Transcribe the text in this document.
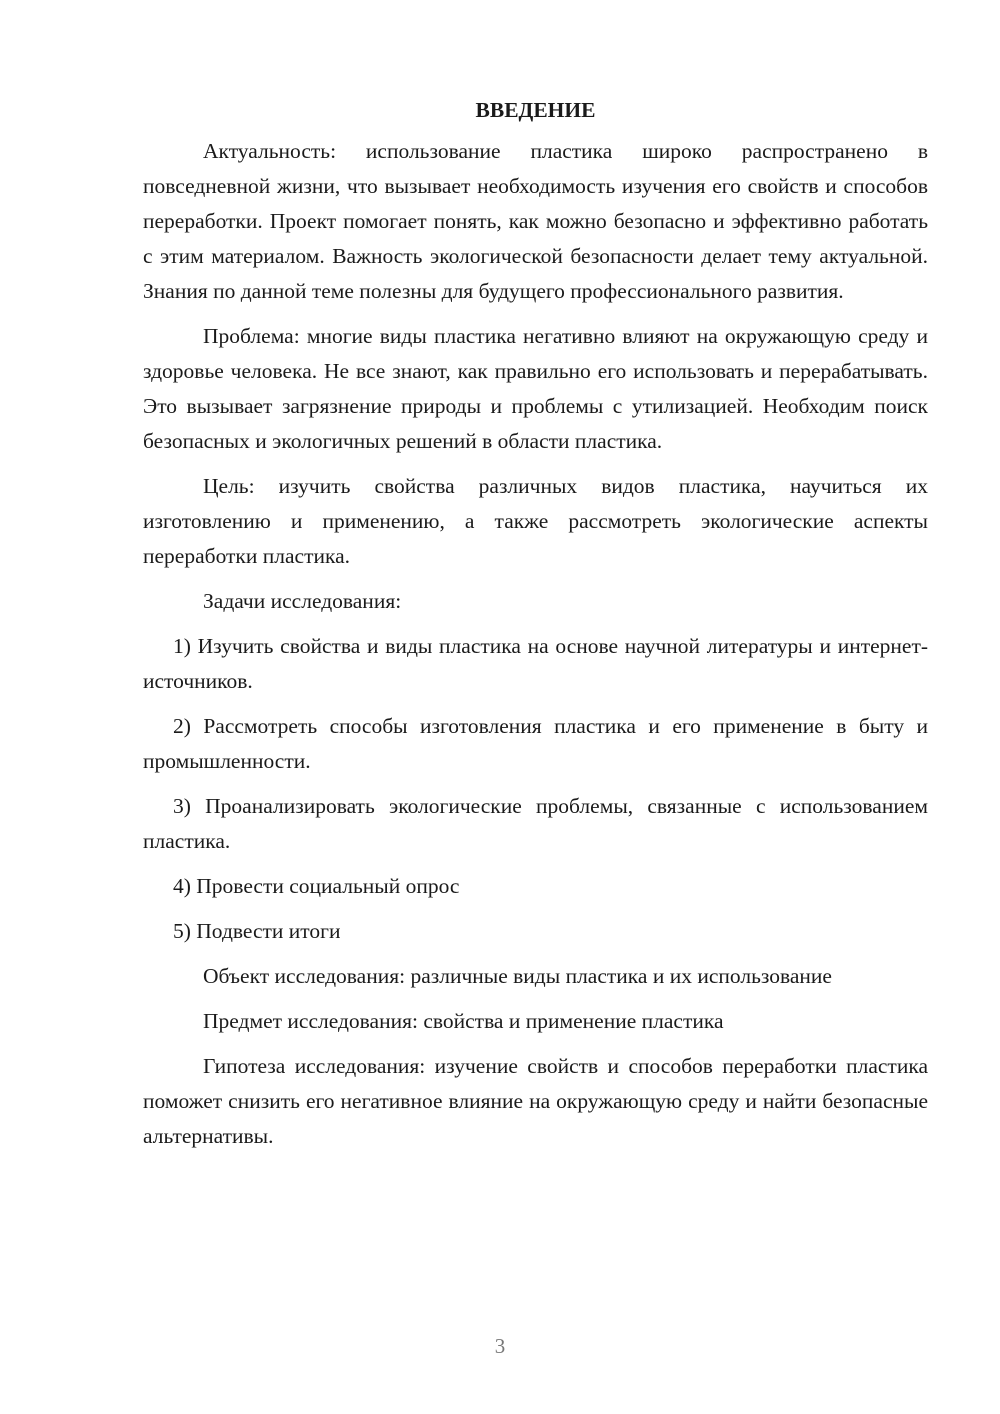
ВВЕДЕНИЕ

Актуальность: использование пластика широко распространено в повседневной жизни, что вызывает необходимость изучения его свойств и способов переработки. Проект помогает понять, как можно безопасно и эффективно работать с этим материалом. Важность экологической безопасности делает тему актуальной. Знания по данной теме полезны для будущего профессионального развития.

Проблема: многие виды пластика негативно влияют на окружающую среду и здоровье человека. Не все знают, как правильно его использовать и перерабатывать. Это вызывает загрязнение природы и проблемы с утилизацией. Необходим поиск безопасных и экологичных решений в области пластика.

Цель: изучить свойства различных видов пластика, научиться их изготовлению и применению, а также рассмотреть экологические аспекты переработки пластика.

Задачи исследования:

1) Изучить свойства и виды пластика на основе научной литературы и интернет-источников.

2) Рассмотреть способы изготовления пластика и его применение в быту и промышленности.

3) Проанализировать экологические проблемы, связанные с использованием пластика.

4) Провести социальный опрос

5) Подвести итоги

Объект исследования: различные виды пластика и их использование

Предмет исследования: свойства и применение пластика

Гипотеза исследования: изучение свойств и способов переработки пластика поможет снизить его негативное влияние на окружающую среду и найти безопасные альтернативы.

3
